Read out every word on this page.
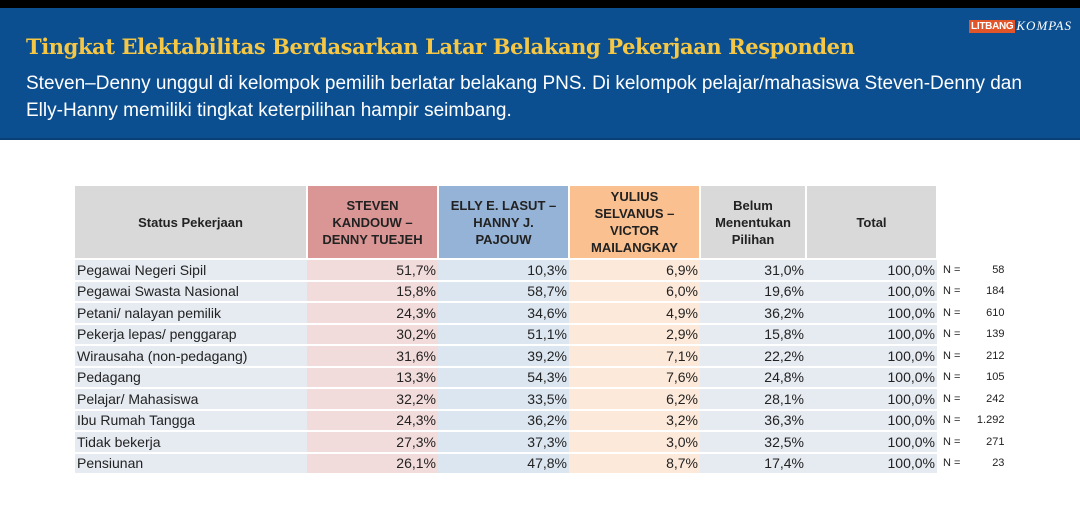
LITBANG KOMPAS
Tingkat Elektabilitas Berdasarkan Latar Belakang Pekerjaan Responden
Steven–Denny unggul di kelompok pemilih berlatar belakang PNS. Di kelompok pelajar/mahasiswa Steven-Denny dan Elly-Hanny memiliki tingkat keterpilihan hampir seimbang.
Status Pekerjaan	STEVEN KANDOUW – DENNY TUEJEH	ELLY E. LASUT – HANNY J. PAJOUW	YULIUS SELVANUS – VICTOR MAILANGKAY	Belum Menentukan Pilihan	Total	
Pegawai Negeri Sipil	51,7%	10,3%	6,9%	31,0%	100,0%	N = 58
Pegawai Swasta Nasional	15,8%	58,7%	6,0%	19,6%	100,0%	N = 184
Petani/ nalayan pemilik	24,3%	34,6%	4,9%	36,2%	100,0%	N = 610
Pekerja lepas/ penggarap	30,2%	51,1%	2,9%	15,8%	100,0%	N = 139
Wirausaha (non-pedagang)	31,6%	39,2%	7,1%	22,2%	100,0%	N = 212
Pedagang	13,3%	54,3%	7,6%	24,8%	100,0%	N = 105
Pelajar/ Mahasiswa	32,2%	33,5%	6,2%	28,1%	100,0%	N = 242
Ibu Rumah Tangga	24,3%	36,2%	3,2%	36,3%	100,0%	N = 1.292
Tidak bekerja	27,3%	37,3%	3,0%	32,5%	100,0%	N = 271
Pensiunan	26,1%	47,8%	8,7%	17,4%	100,0%	N = 23
